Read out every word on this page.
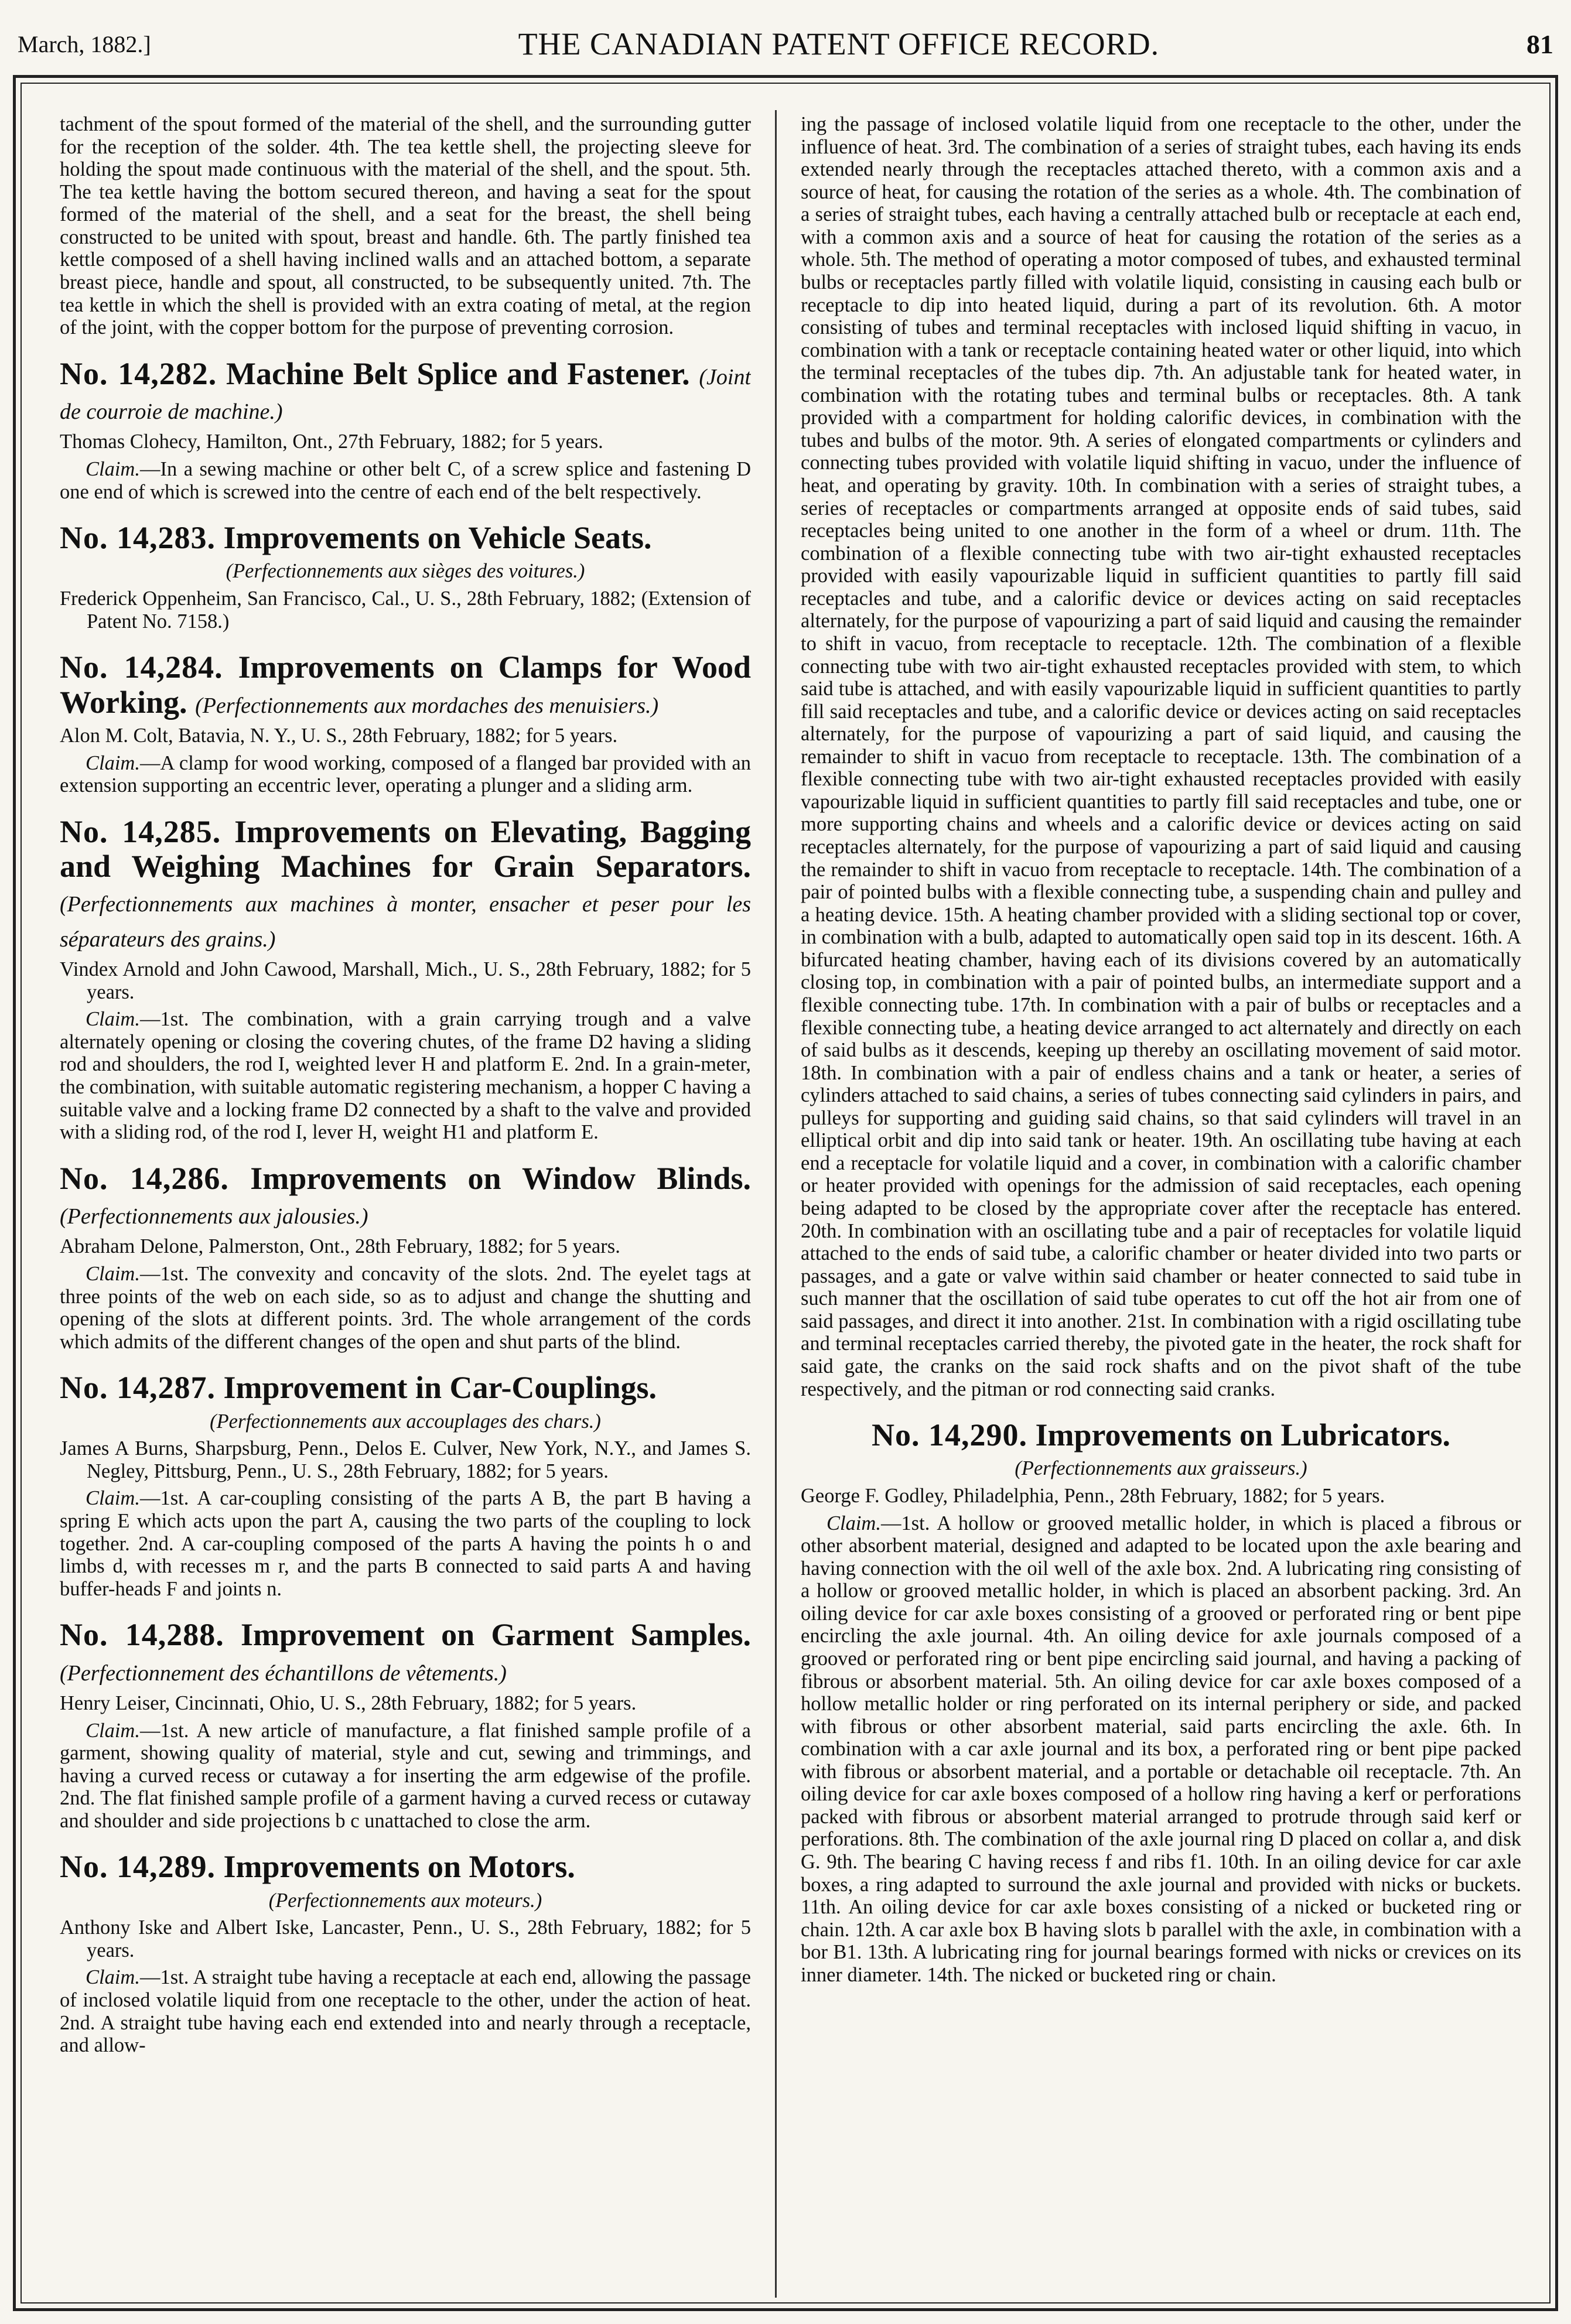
March, 1882.]	THE CANADIAN PATENT OFFICE RECORD.	81

tachment of the spout formed of the material of the shell, and the surrounding gutter for the reception of the solder. 4th. The tea kettle shell, the projecting sleeve for holding the spout made continuous with the material of the shell, and the spout. 5th. The tea kettle having the bottom secured thereon, and having a seat for the spout formed of the material of the shell, and a seat for the breast, the shell being constructed to be united with spout, breast and handle. 6th. The partly finished tea kettle composed of a shell having inclined walls and an attached bottom, a separate breast piece, handle and spout, all constructed, to be subsequently united. 7th. The tea kettle in which the shell is provided with an extra coating of metal, at the region of the joint, with the copper bottom for the purpose of preventing corrosion.

No. 14,282. Machine Belt Splice and Fastener. (Joint de courroie de machine.)

Thomas Clohecy, Hamilton, Ont., 27th February, 1882; for 5 years.

Claim.—In a sewing machine or other belt C, of a screw splice and fastening D one end of which is screwed into the centre of each end of the belt respectively.

No. 14,283. Improvements on Vehicle Seats.

(Perfectionnements aux sièges des voitures.)

Frederick Oppenheim, San Francisco, Cal., U. S., 28th February, 1882; (Extension of Patent No. 7158.)

No. 14,284. Improvements on Clamps for Wood Working. (Perfectionnements aux mordaches des menuisiers.)

Alon M. Colt, Batavia, N. Y., U. S., 28th February, 1882; for 5 years.

Claim.—A clamp for wood working, composed of a flanged bar provided with an extension supporting an eccentric lever, operating a plunger and a sliding arm.

No. 14,285. Improvements on Elevating, Bagging and Weighing Machines for Grain Separators. (Perfectionnements aux machines à monter, ensacher et peser pour les séparateurs des grains.)

Vindex Arnold and John Cawood, Marshall, Mich., U. S., 28th February, 1882; for 5 years.

Claim.—1st. The combination, with a grain carrying trough and a valve alternately opening or closing the covering chutes, of the frame D2 having a sliding rod and shoulders, the rod I, weighted lever H and platform E. 2nd. In a grain-meter, the combination, with suitable automatic registering mechanism, a hopper C having a suitable valve and a locking frame D2 connected by a shaft to the valve and provided with a sliding rod, of the rod I, lever H, weight H1 and platform E.

No. 14,286. Improvements on Window Blinds. (Perfectionnements aux jalousies.)

Abraham Delone, Palmerston, Ont., 28th February, 1882; for 5 years.

Claim.—1st. The convexity and concavity of the slots. 2nd. The eyelet tags at three points of the web on each side, so as to adjust and change the shutting and opening of the slots at different points. 3rd. The whole arrangement of the cords which admits of the different changes of the open and shut parts of the blind.

No. 14,287. Improvement in Car-Couplings.

(Perfectionnements aux accouplages des chars.)

James A Burns, Sharpsburg, Penn., Delos E. Culver, New York, N.Y., and James S. Negley, Pittsburg, Penn., U. S., 28th February, 1882; for 5 years.

Claim.—1st. A car-coupling consisting of the parts A B, the part B having a spring E which acts upon the part A, causing the two parts of the coupling to lock together. 2nd. A car-coupling composed of the parts A having the points h o and limbs d, with recesses m r, and the parts B connected to said parts A and having buffer-heads F and joints n.

No. 14,288. Improvement on Garment Samples. (Perfectionnement des échantillons de vêtements.)

Henry Leiser, Cincinnati, Ohio, U. S., 28th February, 1882; for 5 years.

Claim.—1st. A new article of manufacture, a flat finished sample profile of a garment, showing quality of material, style and cut, sewing and trimmings, and having a curved recess or cutaway a for inserting the arm edgewise of the profile. 2nd. The flat finished sample profile of a garment having a curved recess or cutaway and shoulder and side projections b c unattached to close the arm.

No. 14,289. Improvements on Motors.

(Perfectionnements aux moteurs.)

Anthony Iske and Albert Iske, Lancaster, Penn., U. S., 28th February, 1882; for 5 years.

Claim.—1st. A straight tube having a receptacle at each end, allowing the passage of inclosed volatile liquid from one receptacle to the other, under the action of heat. 2nd. A straight tube having each end extended into and nearly through a receptacle, and allow-

ing the passage of inclosed volatile liquid from one receptacle to the other, under the influence of heat. 3rd. The combination of a series of straight tubes, each having its ends extended nearly through the receptacles attached thereto, with a common axis and a source of heat, for causing the rotation of the series as a whole. 4th. The combination of a series of straight tubes, each having a centrally attached bulb or receptacle at each end, with a common axis and a source of heat for causing the rotation of the series as a whole. 5th. The method of operating a motor composed of tubes, and exhausted terminal bulbs or receptacles partly filled with volatile liquid, consisting in causing each bulb or receptacle to dip into heated liquid, during a part of its revolution. 6th. A motor consisting of tubes and terminal receptacles with inclosed liquid shifting in vacuo, in combination with a tank or receptacle containing heated water or other liquid, into which the terminal receptacles of the tubes dip. 7th. An adjustable tank for heated water, in combination with the rotating tubes and terminal bulbs or receptacles. 8th. A tank provided with a compartment for holding calorific devices, in combination with the tubes and bulbs of the motor. 9th. A series of elongated compartments or cylinders and connecting tubes provided with volatile liquid shifting in vacuo, under the influence of heat, and operating by gravity. 10th. In combination with a series of straight tubes, a series of receptacles or compartments arranged at opposite ends of said tubes, said receptacles being united to one another in the form of a wheel or drum. 11th. The combination of a flexible connecting tube with two air-tight exhausted receptacles provided with easily vapourizable liquid in sufficient quantities to partly fill said receptacles and tube, and a calorific device or devices acting on said receptacles alternately, for the purpose of vapourizing a part of said liquid and causing the remainder to shift in vacuo, from receptacle to receptacle. 12th. The combination of a flexible connecting tube with two air-tight exhausted receptacles provided with stem, to which said tube is attached, and with easily vapourizable liquid in sufficient quantities to partly fill said receptacles and tube, and a calorific device or devices acting on said receptacles alternately, for the purpose of vapourizing a part of said liquid, and causing the remainder to shift in vacuo from receptacle to receptacle. 13th. The combination of a flexible connecting tube with two air-tight exhausted receptacles provided with easily vapourizable liquid in sufficient quantities to partly fill said receptacles and tube, one or more supporting chains and wheels and a calorific device or devices acting on said receptacles alternately, for the purpose of vapourizing a part of said liquid and causing the remainder to shift in vacuo from receptacle to receptacle. 14th. The combination of a pair of pointed bulbs with a flexible connecting tube, a suspending chain and pulley and a heating device. 15th. A heating chamber provided with a sliding sectional top or cover, in combination with a bulb, adapted to automatically open said top in its descent. 16th. A bifurcated heating chamber, having each of its divisions covered by an automatically closing top, in combination with a pair of pointed bulbs, an intermediate support and a flexible connecting tube. 17th. In combination with a pair of bulbs or receptacles and a flexible connecting tube, a heating device arranged to act alternately and directly on each of said bulbs as it descends, keeping up thereby an oscillating movement of said motor. 18th. In combination with a pair of endless chains and a tank or heater, a series of cylinders attached to said chains, a series of tubes connecting said cylinders in pairs, and pulleys for supporting and guiding said chains, so that said cylinders will travel in an elliptical orbit and dip into said tank or heater. 19th. An oscillating tube having at each end a receptacle for volatile liquid and a cover, in combination with a calorific chamber or heater provided with openings for the admission of said receptacles, each opening being adapted to be closed by the appropriate cover after the receptacle has entered. 20th. In combination with an oscillating tube and a pair of receptacles for volatile liquid attached to the ends of said tube, a calorific chamber or heater divided into two parts or passages, and a gate or valve within said chamber or heater connected to said tube in such manner that the oscillation of said tube operates to cut off the hot air from one of said passages, and direct it into another. 21st. In combination with a rigid oscillating tube and terminal receptacles carried thereby, the pivoted gate in the heater, the rock shaft for said gate, the cranks on the said rock shafts and on the pivot shaft of the tube respectively, and the pitman or rod connecting said cranks.

No. 14,290. Improvements on Lubricators.

(Perfectionnements aux graisseurs.)

George F. Godley, Philadelphia, Penn., 28th February, 1882; for 5 years.

Claim.—1st. A hollow or grooved metallic holder, in which is placed a fibrous or other absorbent material, designed and adapted to be located upon the axle bearing and having connection with the oil well of the axle box. 2nd. A lubricating ring consisting of a hollow or grooved metallic holder, in which is placed an absorbent packing. 3rd. An oiling device for car axle boxes consisting of a grooved or perforated ring or bent pipe encircling the axle journal. 4th. An oiling device for axle journals composed of a grooved or perforated ring or bent pipe encircling said journal, and having a packing of fibrous or absorbent material. 5th. An oiling device for car axle boxes composed of a hollow metallic holder or ring perforated on its internal periphery or side, and packed with fibrous or other absorbent material, said parts encircling the axle. 6th. In combination with a car axle journal and its box, a perforated ring or bent pipe packed with fibrous or absorbent material, and a portable or detachable oil receptacle. 7th. An oiling device for car axle boxes composed of a hollow ring having a kerf or perforations packed with fibrous or absorbent material arranged to protrude through said kerf or perforations. 8th. The combination of the axle journal ring D placed on collar a, and disk G. 9th. The bearing C having recess f and ribs f1. 10th. In an oiling device for car axle boxes, a ring adapted to surround the axle journal and provided with nicks or buckets. 11th. An oiling device for car axle boxes consisting of a nicked or bucketed ring or chain. 12th. A car axle box B having slots b parallel with the axle, in combination with a bor B1. 13th. A lubricating ring for journal bearings formed with nicks or crevices on its inner diameter. 14th. The nicked or bucketed ring or chain.
